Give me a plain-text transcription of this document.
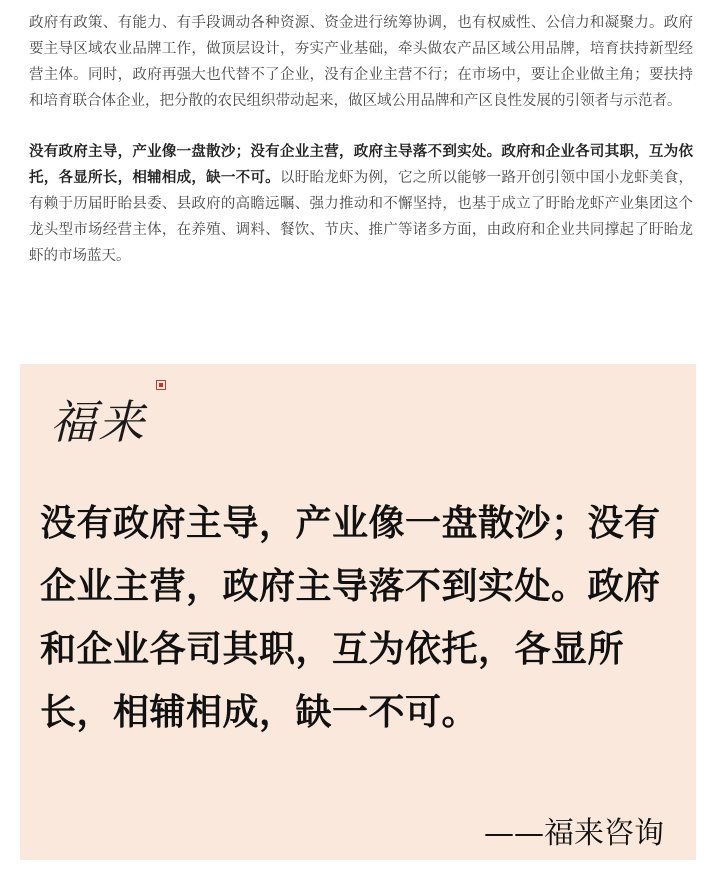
政府有政策、有能力、有手段调动各种资源、资金进行统筹协调，也有权威性、公信力和凝聚力。政府要主导区域农业品牌工作，做顶层设计，夯实产业基础，牵头做农产品区域公用品牌，培育扶持新型经营主体。同时，政府再强大也代替不了企业，没有企业主营不行；在市场中，要让企业做主角；要扶持和培育联合体企业，把分散的农民组织带动起来，做区域公用品牌和产区良性发展的引领者与示范者。

没有政府主导，产业像一盘散沙；没有企业主营，政府主导落不到实处。政府和企业各司其职，互为依托，各显所长，相辅相成，缺一不可。以盱眙龙虾为例，它之所以能够一路开创引领中国小龙虾美食，有赖于历届盱眙县委、县政府的高瞻远瞩、强力推动和不懈坚持，也基于成立了盱眙龙虾产业集团这个龙头型市场经营主体，在养殖、调料、餐饮、节庆、推广等诸多方面，由政府和企业共同撑起了盱眙龙虾的市场蓝天。

福来
没有政府主导，产业像一盘散沙；没有企业主营，政府主导落不到实处。政府和企业各司其职，互为依托，各显所长，相辅相成，缺一不可。
——福来咨询
